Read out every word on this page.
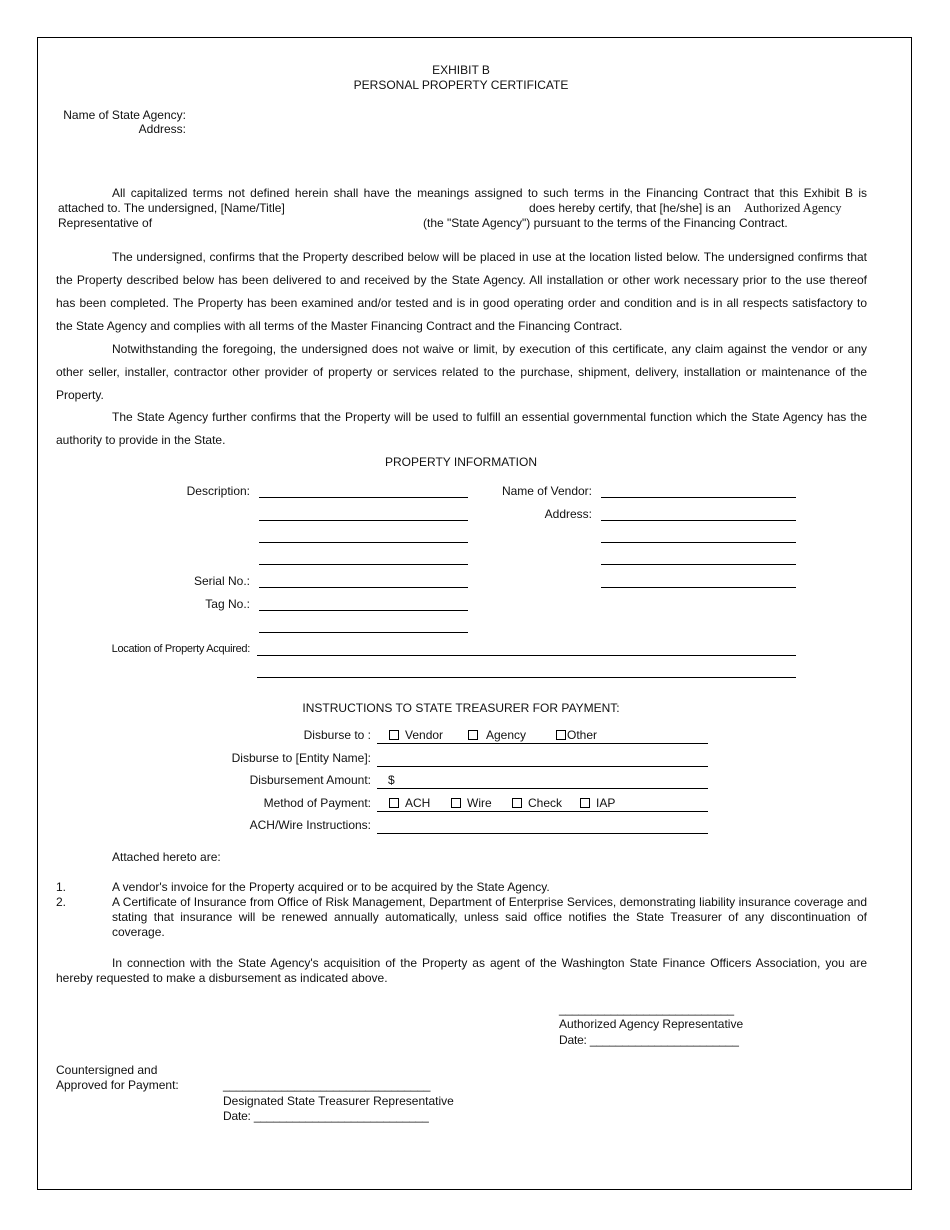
EXHIBIT B
PERSONAL PROPERTY CERTIFICATE
Name of State Agency:
Address:
All capitalized terms not defined herein shall have the meanings assigned to such terms in the Financing Contract that this Exhibit B is
attached to. The undersigned, [Name/Title]	does hereby certify, that [he/she] is an Authorized Agency
Representative of	(the "State Agency") pursuant to the terms of the Financing Contract.
The undersigned, confirms that the Property described below will be placed in use at the location listed below. The undersigned confirms that the Property described below has been delivered to and received by the State Agency. All installation or other work necessary prior to the use thereof has been completed. The Property has been examined and/or tested and is in good operating order and condition and is in all respects satisfactory to the State Agency and complies with all terms of the Master Financing Contract and the Financing Contract.
Notwithstanding the foregoing, the undersigned does not waive or limit, by execution of this certificate, any claim against the vendor or any other seller, installer, contractor other provider of property or services related to the purchase, shipment, delivery, installation or maintenance of the Property.
The State Agency further confirms that the Property will be used to fulfill an essential governmental function which the State Agency has the authority to provide in the State.
PROPERTY INFORMATION
Description:
Serial No.:
Tag No.:
Name of Vendor:
Address:
Location of Property Acquired:
INSTRUCTIONS TO STATE TREASURER FOR PAYMENT:
Disburse to :	Vendor	Agency	Other
Disburse to [Entity Name]:
Disbursement Amount: $
Method of Payment:	ACH	Wire	Check	IAP
ACH/Wire Instructions:
Attached hereto are:
1.	A vendor's invoice for the Property acquired or to be acquired by the State Agency.
2.	A Certificate of Insurance from Office of Risk Management, Department of Enterprise Services, demonstrating liability insurance coverage and stating that insurance will be renewed annually automatically, unless said office notifies the State Treasurer of any discontinuation of coverage.
In connection with the State Agency's acquisition of the Property as agent of the Washington State Finance Officers Association, you are hereby requested to make a disbursement as indicated above.
___________________________
Authorized Agency Representative
Date: _______________________
Countersigned and
Approved for Payment:	________________________________
Designated State Treasurer Representative
Date: ___________________________
